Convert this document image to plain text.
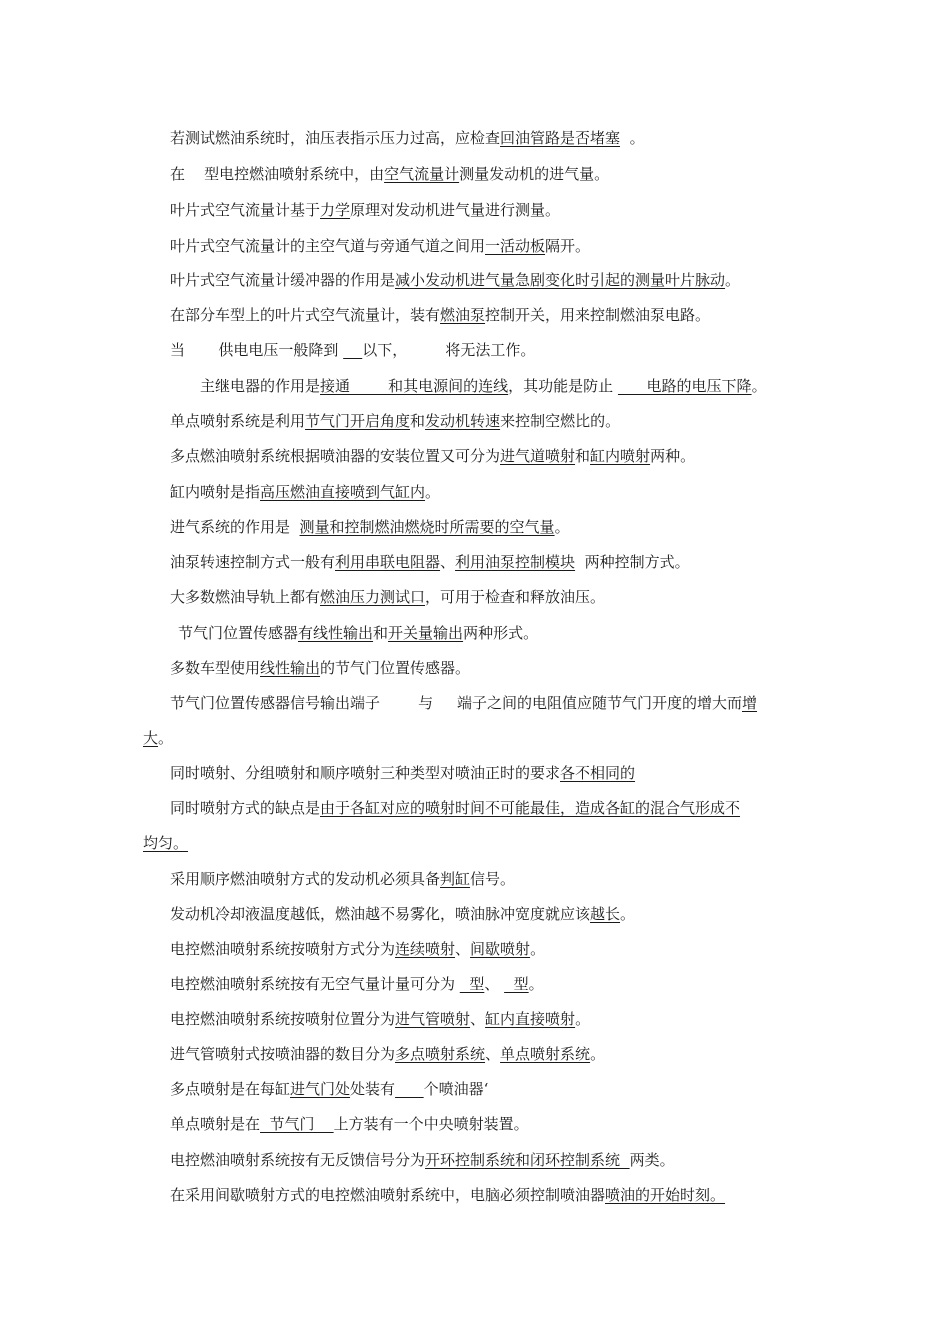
若测试燃油系统时，油压表指示压力过高，应检查回油管路是否堵塞  。
在    型电控燃油喷射系统中，由空气流量计测量发动机的进气量。
叶片式空气流量计基于力学原理对发动机进气量进行测量。
叶片式空气流量计的主空气道与旁通气道之间用一活动板隔开。
叶片式空气流量计缓冲器的作用是减小发动机进气量急剧变化时引起的测量叶片脉动。
在部分车型上的叶片式空气流量计，装有燃油泵控制开关，用来控制燃油泵电路。
当       供电电压一般降到     以下，        将无法工作。
主继电器的作用是接通        和其电源间的连线，其功能是防止       电路的电压下降。
单点喷射系统是利用节气门开启角度和发动机转速来控制空燃比的。
多点燃油喷射系统根据喷油器的安装位置又可分为进气道喷射和缸内喷射两种。
缸内喷射是指高压燃油直接喷到气缸内。
进气系统的作用是  测量和控制燃油燃烧时所需要的空气量。
油泵转速控制方式一般有利用串联电阻器、利用油泵控制模块  两种控制方式。
大多数燃油导轨上都有燃油压力测试口，可用于检查和释放油压。
节气门位置传感器有线性输出和开关量输出两种形式。
多数车型使用线性输出的节气门位置传感器。
节气门位置传感器信号输出端子        与     端子之间的电阻值应随节气门开度的增大而增
大。
同时喷射、分组喷射和顺序喷射三种类型对喷油正时的要求各不相同的
同时喷射方式的缺点是由于各缸对应的喷射时间不可能最佳，造成各缸的混合气形成不
均匀。
采用顺序燃油喷射方式的发动机必须具备判缸信号。
发动机冷却液温度越低，燃油越不易雾化，喷油脉冲宽度就应该越长。
电控燃油喷射系统按喷射方式分为连续喷射、间歇喷射。
电控燃油喷射系统按有无空气量计量可分为   型、   型。
电控燃油喷射系统按喷射位置分为进气管喷射、缸内直接喷射。
进气管喷射式按喷油器的数目分为多点喷射系统、单点喷射系统。
多点喷射是在每缸进气门处处装有 个喷油器‘
单点喷射是在  节气门    上方装有一个中央喷射装置。
电控燃油喷射系统按有无反馈信号分为开环控制系统和闭环控制系统  两类。
在采用间歇喷射方式的电控燃油喷射系统中，电脑必须控制喷油器喷油的开始时刻。
